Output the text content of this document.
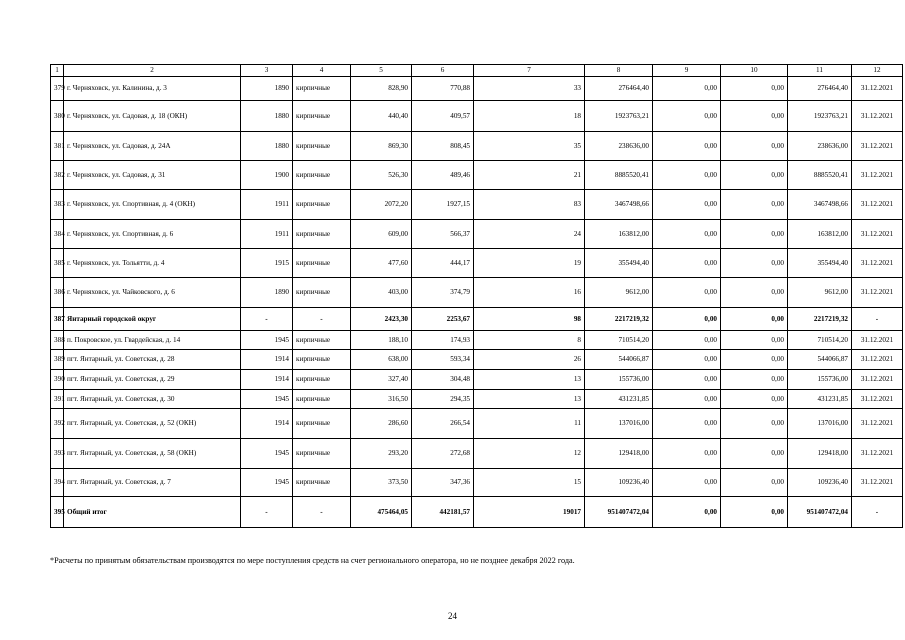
1	2	3	4	5	6	7	8	9	10	11	12
379	г. Черняховск, ул. Калинина, д. 3	1890	кирпичные	828,90	770,88	33	276464,40	0,00	0,00	276464,40	31.12.2021
380	г. Черняховск, ул. Садовая, д. 18 (ОКН)	1880	кирпичные	440,40	409,57	18	1923763,21	0,00	0,00	1923763,21	31.12.2021
381	г. Черняховск, ул. Садовая, д. 24А	1880	кирпичные	869,30	808,45	35	238636,00	0,00	0,00	238636,00	31.12.2021
382	г. Черняховск, ул. Садовая, д. 31	1900	кирпичные	526,30	489,46	21	8885520,41	0,00	0,00	8885520,41	31.12.2021
383	г. Черняховск, ул. Спортивная, д. 4 (ОКН)	1911	кирпичные	2072,20	1927,15	83	3467498,66	0,00	0,00	3467498,66	31.12.2021
384	г. Черняховск, ул. Спортивная, д. 6	1911	кирпичные	609,00	566,37	24	163812,00	0,00	0,00	163812,00	31.12.2021
385	г. Черняховск, ул. Тольятти, д. 4	1915	кирпичные	477,60	444,17	19	355494,40	0,00	0,00	355494,40	31.12.2021
386	г. Черняховск, ул. Чайковского, д. 6	1890	кирпичные	403,00	374,79	16	9612,00	0,00	0,00	9612,00	31.12.2021
387	Янтарный городской округ	-	-	2423,30	2253,67	98	2217219,32	0,00	0,00	2217219,32	-
388	п. Покровское, ул. Гвардейская, д. 14	1945	кирпичные	188,10	174,93	8	710514,20	0,00	0,00	710514,20	31.12.2021
389	пгт. Янтарный, ул. Советская, д. 28	1914	кирпичные	638,00	593,34	26	544066,87	0,00	0,00	544066,87	31.12.2021
390	пгт. Янтарный, ул. Советская, д. 29	1914	кирпичные	327,40	304,48	13	155736,00	0,00	0,00	155736,00	31.12.2021
391	пгт. Янтарный, ул. Советская, д. 30	1945	кирпичные	316,50	294,35	13	431231,85	0,00	0,00	431231,85	31.12.2021
392	пгт. Янтарный, ул. Советская, д. 52 (ОКН)	1914	кирпичные	286,60	266,54	11	137016,00	0,00	0,00	137016,00	31.12.2021
393	пгт. Янтарный, ул. Советская, д. 58 (ОКН)	1945	кирпичные	293,20	272,68	12	129418,00	0,00	0,00	129418,00	31.12.2021
394	пгт. Янтарный, ул. Советская, д. 7	1945	кирпичные	373,50	347,36	15	109236,40	0,00	0,00	109236,40	31.12.2021
395	Общий итог	-	-	475464,05	442181,57	19017	951407472,04	0,00	0,00	951407472,04	-
*Расчеты по принятым обязательствам производятся по мере поступления средств на счет регионального оператора, но не позднее декабря 2022 года.
24
